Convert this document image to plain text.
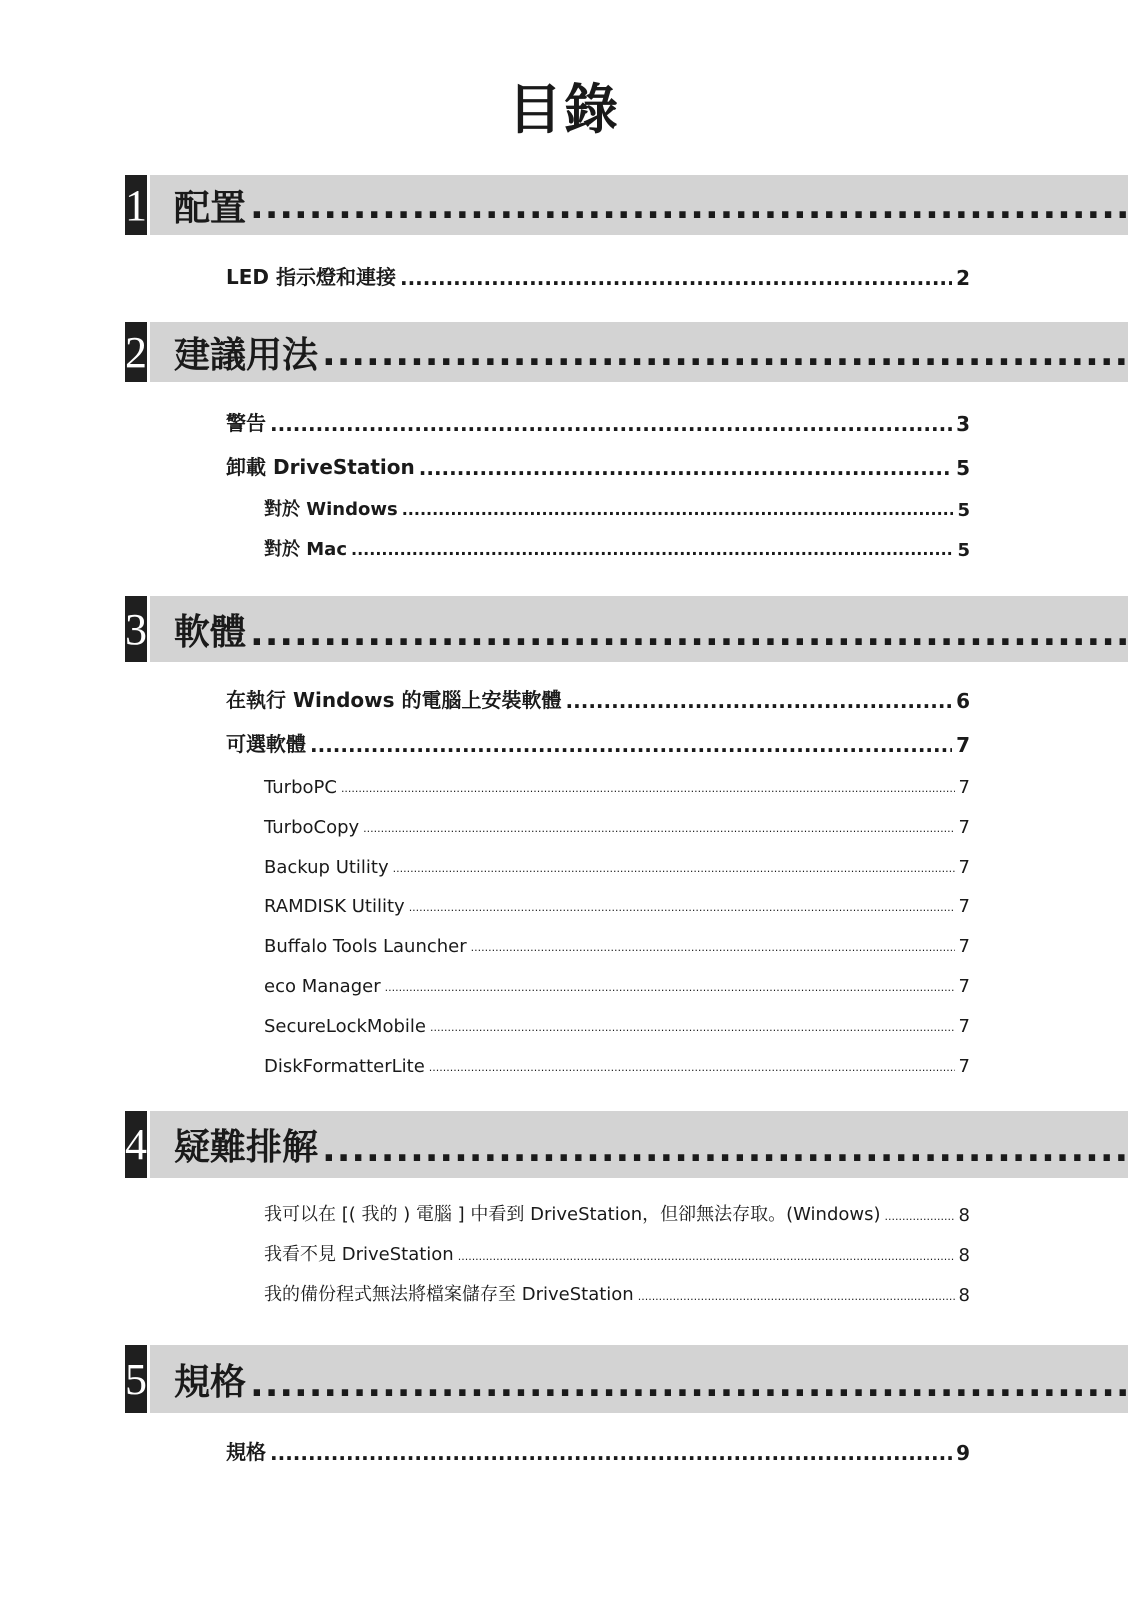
目錄
1 配置
.....
LED 指示燈和連接 .....	2
2 建議用法
.....
警告 .....	3
卸載 DriveStation .....	5
對於 Windows .....	5
對於 Mac .....	5
3 軟體
.....
在執行 Windows 的電腦上安裝軟體 .....	6
可選軟體 .....	7
TurboPC .....	7
TurboCopy .....	7
Backup Utility .....	7
RAMDISK Utility .....	7
Buffalo Tools Launcher .....	7
eco Manager .....	7
SecureLockMobile .....	7
DiskFormatterLite .....	7
4 疑難排解
.....
我可以在 [( 我的 ) 電腦 ] 中看到 DriveStation，但卻無法存取。(Windows) .....	8
我看不見 DriveStation .....	8
我的備份程式無法將檔案儲存至 DriveStation .....	8
5 規格
.....
規格 .....	9
